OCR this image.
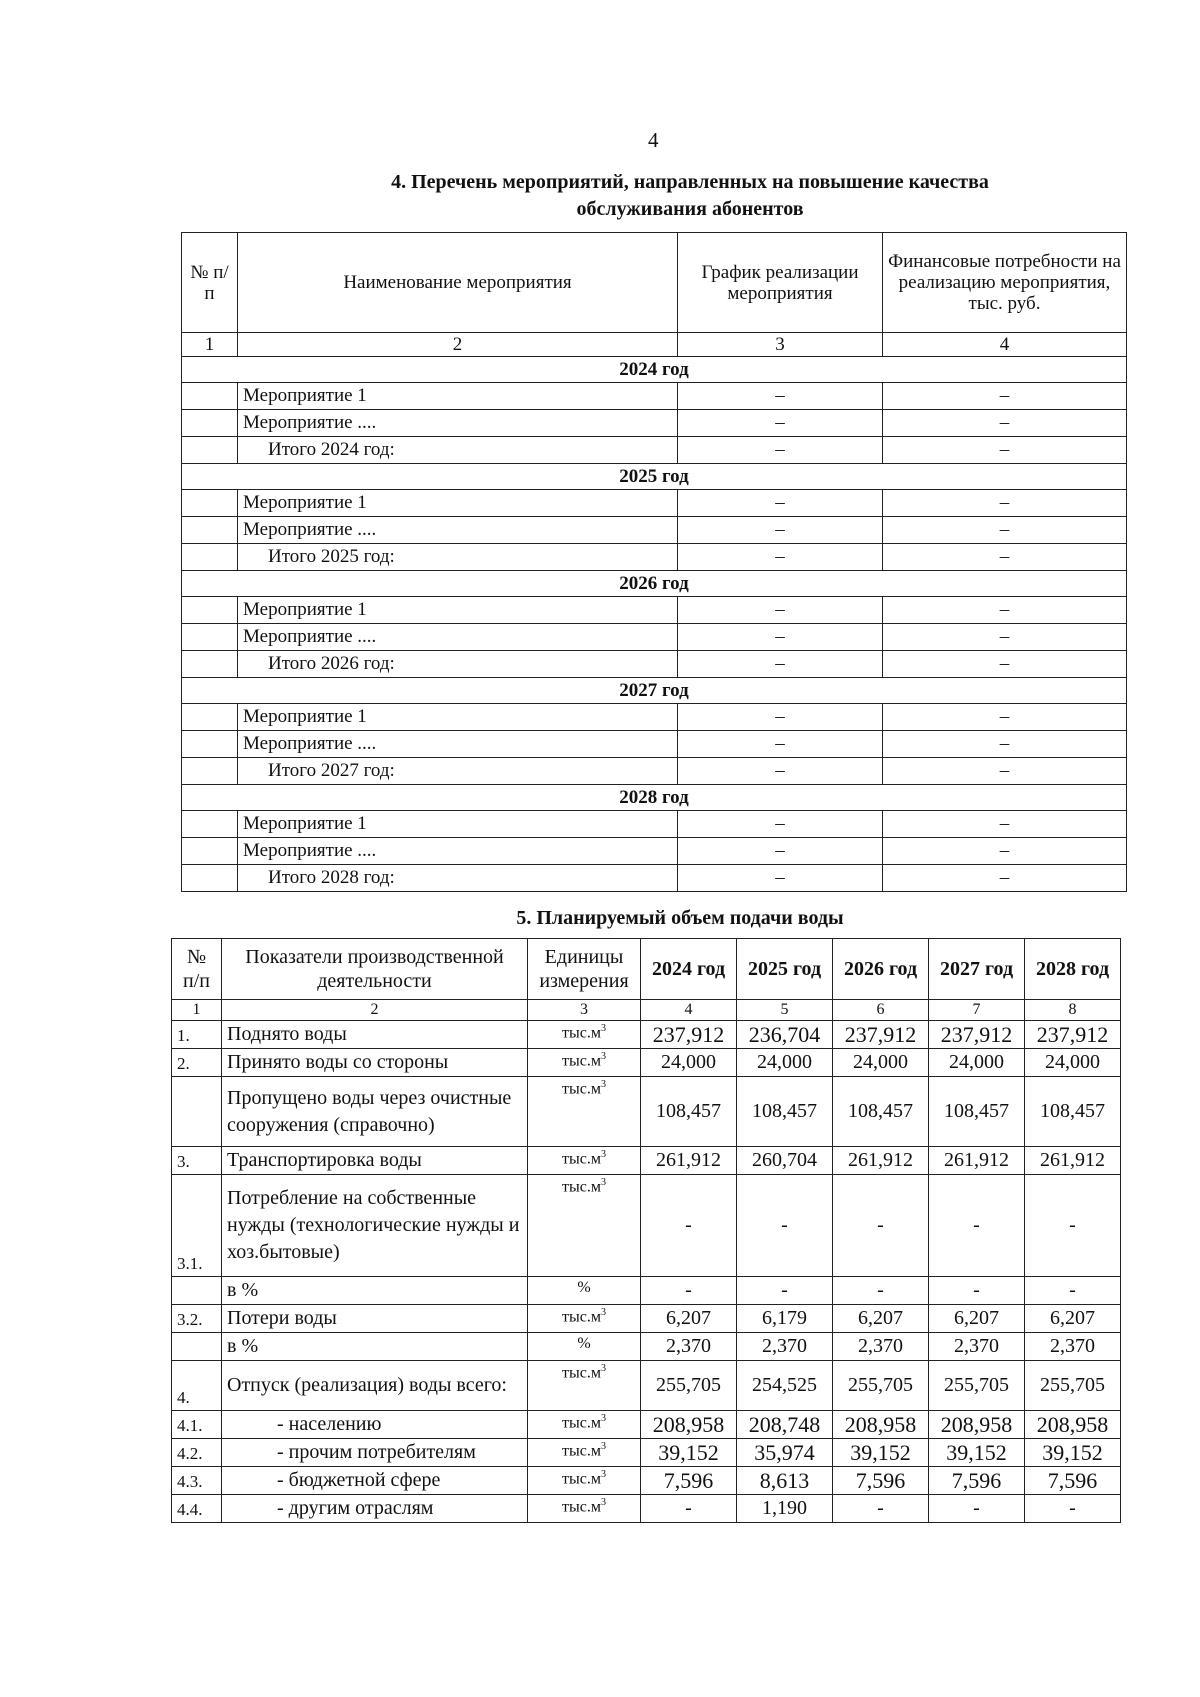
4
4. Перечень мероприятий, направленных на повышение качества
обслуживания абонентов
№ п/п	Наименование мероприятия	График реализации мероприятия	Финансовые потребности на реализацию мероприятия, тыс. руб.
1	2	3	4
2024 год			
	Мероприятие 1	–	–
	Мероприятие ....	–	–
	Итого 2024 год:	–	–
2025 год			
	Мероприятие 1	–	–
	Мероприятие ....	–	–
	Итого 2025 год:	–	–
2026 год			
	Мероприятие 1	–	–
	Мероприятие ....	–	–
	Итого 2026 год:	–	–
2027 год			
	Мероприятие 1	–	–
	Мероприятие ....	–	–
	Итого 2027 год:	–	–
2028 год			
	Мероприятие 1	–	–
	Мероприятие ....	–	–
	Итого 2028 год:	–	–
5. Планируемый объем подачи воды
№ п/п	Показатели производственной деятельности	Единицы измерения	2024 год	2025 год	2026 год	2027 год	2028 год
1	2	3	4	5	6	7	8
1.	Поднято воды	$тыс.м^3$	237,912	236,704	237,912	237,912	237,912
2.	Принято воды со стороны	$тыс.м^3$	24,000	24,000	24,000	24,000	24,000
	Пропущено воды через очистные сооружения (справочно)	$тыс.м^3$	108,457	108,457	108,457	108,457	108,457
3.	Транспортировка воды	$тыс.м^3$	261,912	260,704	261,912	261,912	261,912
3.1.	Потребление на собственные нужды (технологические нужды и хоз.бытовые)	$тыс.м^3$	-	-	-	-	-
	в %	%	-	-	-	-	-
3.2.	Потери воды	$тыс.м^3$	6,207	6,179	6,207	6,207	6,207
	в %	%	2,370	2,370	2,370	2,370	2,370
4.	Отпуск (реализация) воды всего:	$тыс.м^3$	255,705	254,525	255,705	255,705	255,705
4.1.	- населению	$тыс.м^3$	208,958	208,748	208,958	208,958	208,958
4.2.	- прочим потребителям	$тыс.м^3$	39,152	35,974	39,152	39,152	39,152
4.3.	- бюджетной сфере	$тыс.м^3$	7,596	8,613	7,596	7,596	7,596
4.4.	- другим отраслям	$тыс.м^3$	-	1,190	-	-	-
